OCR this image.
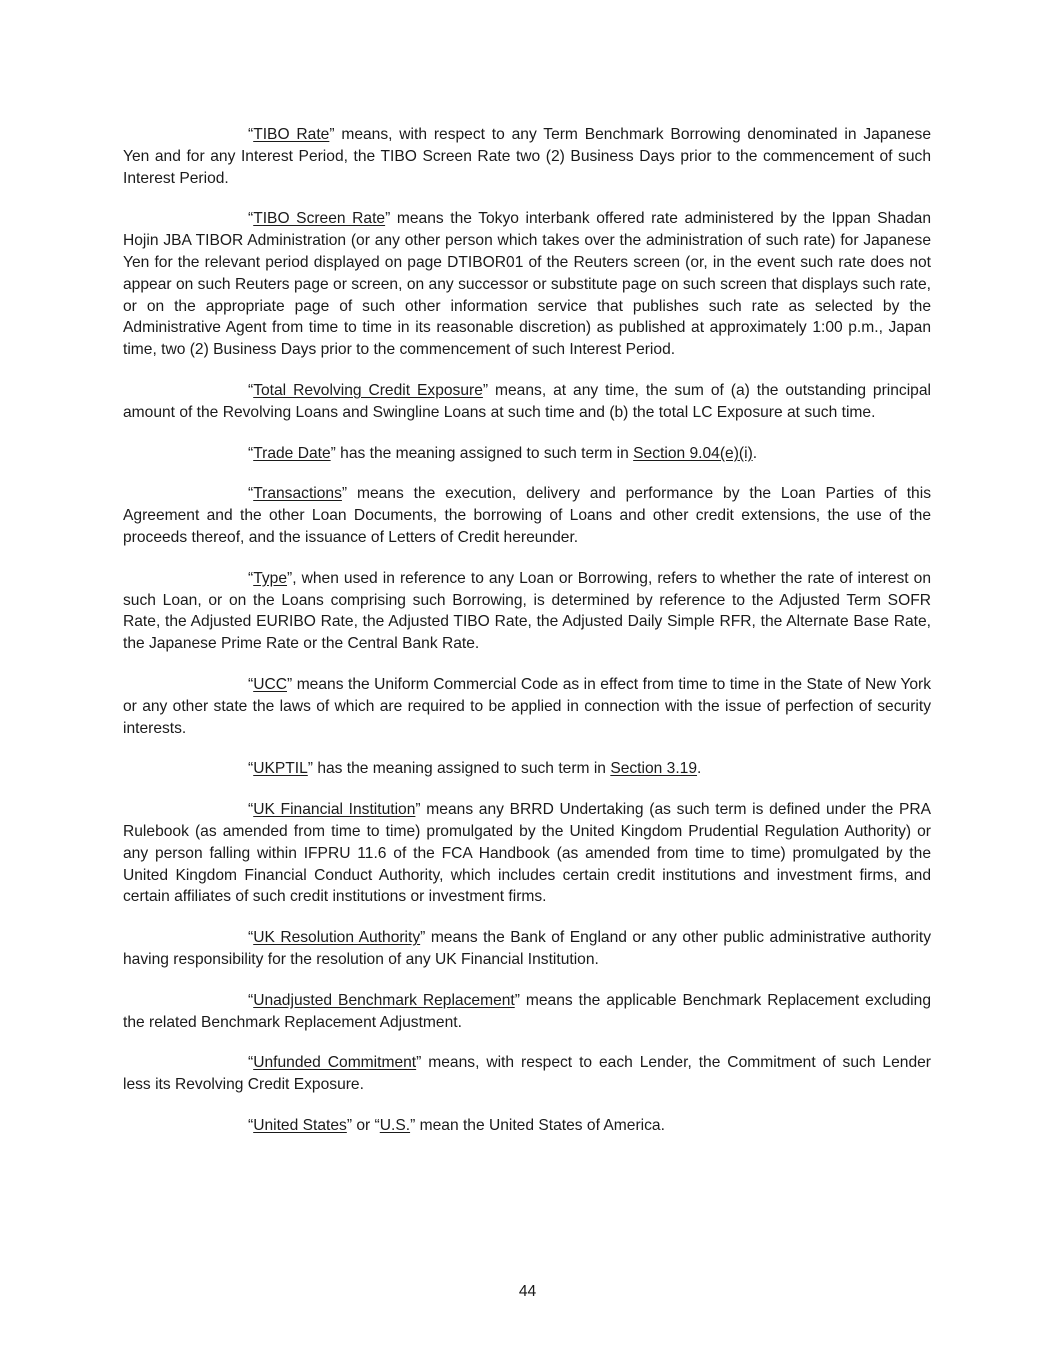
“TIBO Rate” means, with respect to any Term Benchmark Borrowing denominated in Japanese Yen and for any Interest Period, the TIBO Screen Rate two (2) Business Days prior to the commencement of such Interest Period.

“TIBO Screen Rate” means the Tokyo interbank offered rate administered by the Ippan Shadan Hojin JBA TIBOR Administration (or any other person which takes over the administration of such rate) for Japanese Yen for the relevant period displayed on page DTIBOR01 of the Reuters screen (or, in the event such rate does not appear on such Reuters page or screen, on any successor or substitute page on such screen that displays such rate, or on the appropriate page of such other information service that publishes such rate as selected by the Administrative Agent from time to time in its reasonable discretion) as published at approximately 1:00 p.m., Japan time, two (2) Business Days prior to the commencement of such Interest Period.

“Total Revolving Credit Exposure” means, at any time, the sum of (a) the outstanding principal amount of the Revolving Loans and Swingline Loans at such time and (b) the total LC Exposure at such time.

“Trade Date” has the meaning assigned to such term in Section 9.04(e)(i).

“Transactions” means the execution, delivery and performance by the Loan Parties of this Agreement and the other Loan Documents, the borrowing of Loans and other credit extensions, the use of the proceeds thereof, and the issuance of Letters of Credit hereunder.

“Type”, when used in reference to any Loan or Borrowing, refers to whether the rate of interest on such Loan, or on the Loans comprising such Borrowing, is determined by reference to the Adjusted Term SOFR Rate, the Adjusted EURIBO Rate, the Adjusted TIBO Rate, the Adjusted Daily Simple RFR, the Alternate Base Rate, the Japanese Prime Rate or the Central Bank Rate.

“UCC” means the Uniform Commercial Code as in effect from time to time in the State of New York or any other state the laws of which are required to be applied in connection with the issue of perfection of security interests.

“UKPTIL” has the meaning assigned to such term in Section 3.19.

“UK Financial Institution” means any BRRD Undertaking (as such term is defined under the PRA Rulebook (as amended from time to time) promulgated by the United Kingdom Prudential Regulation Authority) or any person falling within IFPRU 11.6 of the FCA Handbook (as amended from time to time) promulgated by the United Kingdom Financial Conduct Authority, which includes certain credit institutions and investment firms, and certain affiliates of such credit institutions or investment firms.

“UK Resolution Authority” means the Bank of England or any other public administrative authority having responsibility for the resolution of any UK Financial Institution.

“Unadjusted Benchmark Replacement” means the applicable Benchmark Replacement excluding the related Benchmark Replacement Adjustment.

“Unfunded Commitment” means, with respect to each Lender, the Commitment of such Lender less its Revolving Credit Exposure.

“United States” or “U.S.” mean the United States of America.

44
